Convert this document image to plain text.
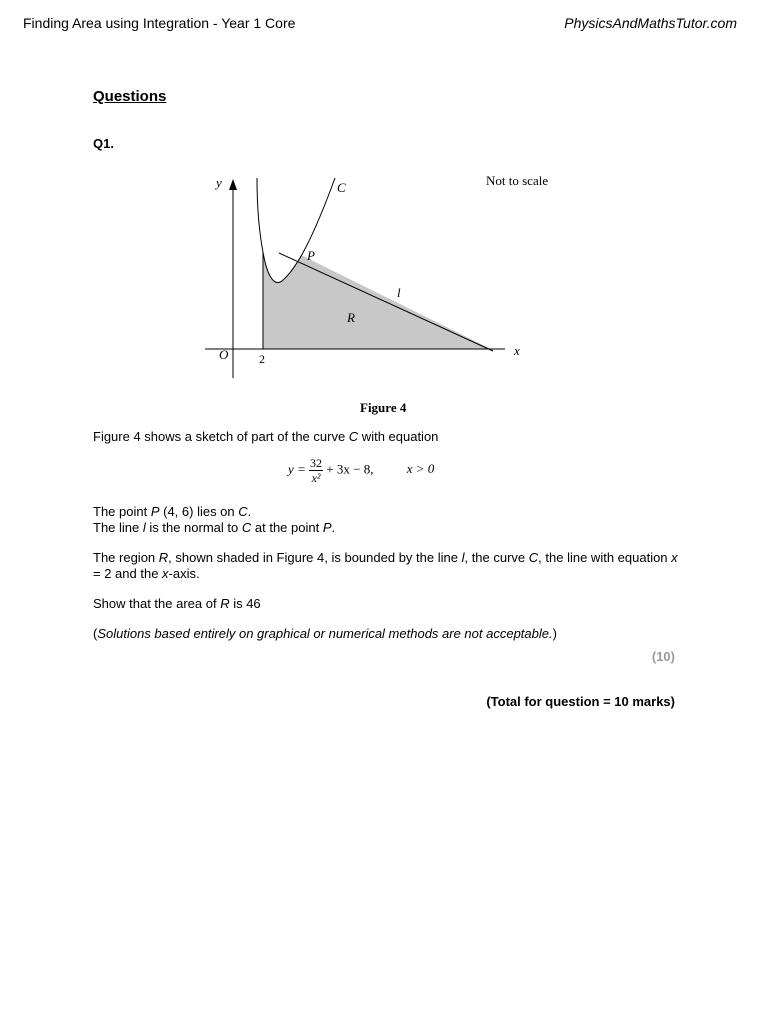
Finding Area using Integration - Year 1 Core	PhysicsAndMathsTutor.com
Questions
Q1.
y
x
O	2
C
P
l
R
Not to scale
Figure 4
Figure 4 shows a sketch of part of the curve C with equation
$y = \frac{32}{\text{x²}} + 3x - 8$,	x > 0
The point P (4, 6) lies on C.
The line l is the normal to C at the point P.
The region R, shown shaded in Figure 4, is bounded by the line l, the curve C, the line with equation x = 2 and the x-axis.
Show that the area of R is 46
(Solutions based entirely on graphical or numerical methods are not acceptable.)
(10)
(Total for question = 10 marks)
